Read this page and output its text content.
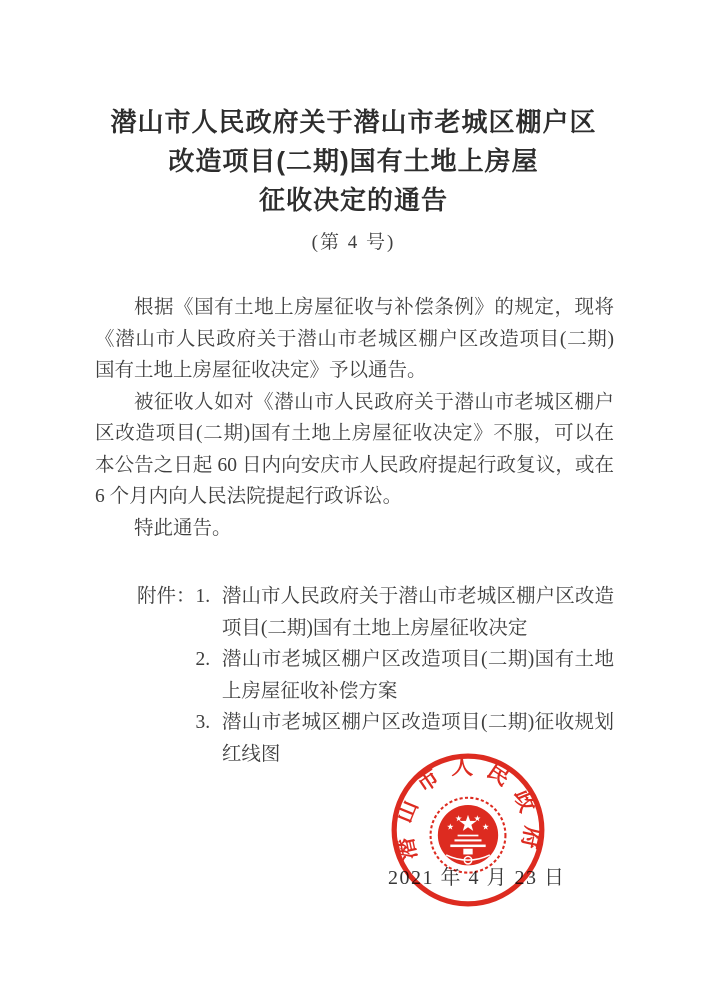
潜山市人民政府关于潜山市老城区棚户区
改造项目(二期)国有土地上房屋
征收决定的通告
(第 4 号)

根据《国有土地上房屋征收与补偿条例》的规定，现将《潜山市人民政府关于潜山市老城区棚户区改造项目(二期)国有土地上房屋征收决定》予以通告。

被征收人如对《潜山市人民政府关于潜山市老城区棚户区改造项目(二期)国有土地上房屋征收决定》不服，可以在本公告之日起 60 日内向安庆市人民政府提起行政复议，或在 6 个月内向人民法院提起行政诉讼。

特此通告。

附件： 1. 潜山市人民政府关于潜山市老城区棚户区改造项目(二期)国有土地上房屋征收决定
2. 潜山市老城区棚户区改造项目(二期)国有土地上房屋征收补偿方案
3. 潜山市老城区棚户区改造项目(二期)征收规划红线图
2021 年 4 月 23 日
潜山市人民政府
